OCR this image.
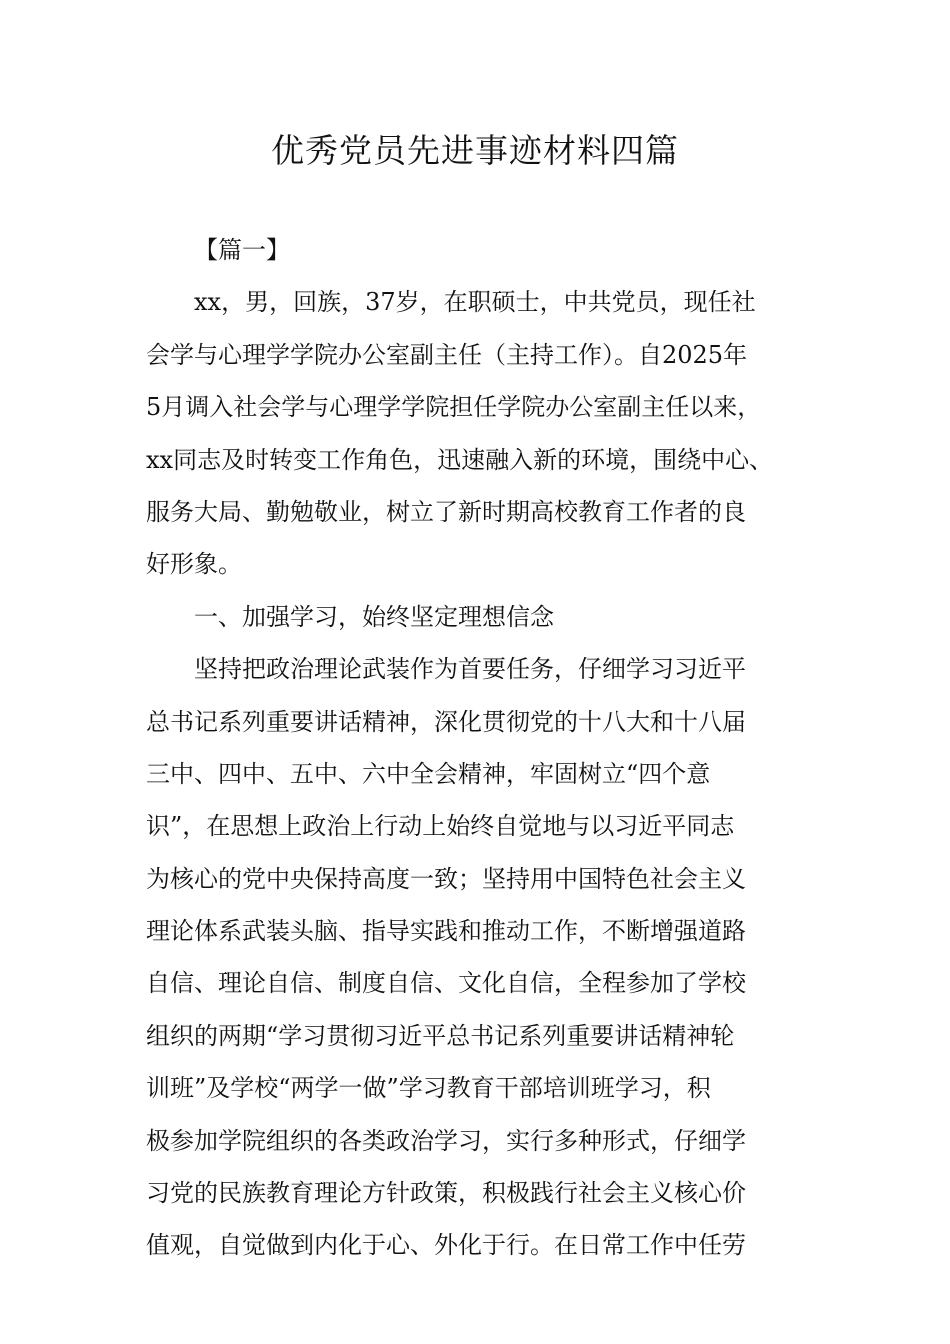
优秀党员先进事迹材料四篇
【篇一】
xx，男，回族，37岁，在职硕士，中共党员，现任社
会学与心理学学院办公室副主任（主持工作）。自2025年
5月调入社会学与心理学学院担任学院办公室副主任以来，
xx同志及时转变工作角色，迅速融入新的环境，围绕中心、
服务大局、勤勉敬业，树立了新时期高校教育工作者的良
好形象。
一、加强学习，始终坚定理想信念
坚持把政治理论武装作为首要任务，仔细学习习近平
总书记系列重要讲话精神，深化贯彻党的十八大和十八届
三中、四中、五中、六中全会精神，牢固树立“四个意
识”，在思想上政治上行动上始终自觉地与以习近平同志
为核心的党中央保持高度一致；坚持用中国特色社会主义
理论体系武装头脑、指导实践和推动工作，不断增强道路
自信、理论自信、制度自信、文化自信，全程参加了学校
组织的两期“学习贯彻习近平总书记系列重要讲话精神轮
训班”及学校“两学一做”学习教育干部培训班学习，积
极参加学院组织的各类政治学习，实行多种形式，仔细学
习党的民族教育理论方针政策，积极践行社会主义核心价
值观，自觉做到内化于心、外化于行。在日常工作中任劳
